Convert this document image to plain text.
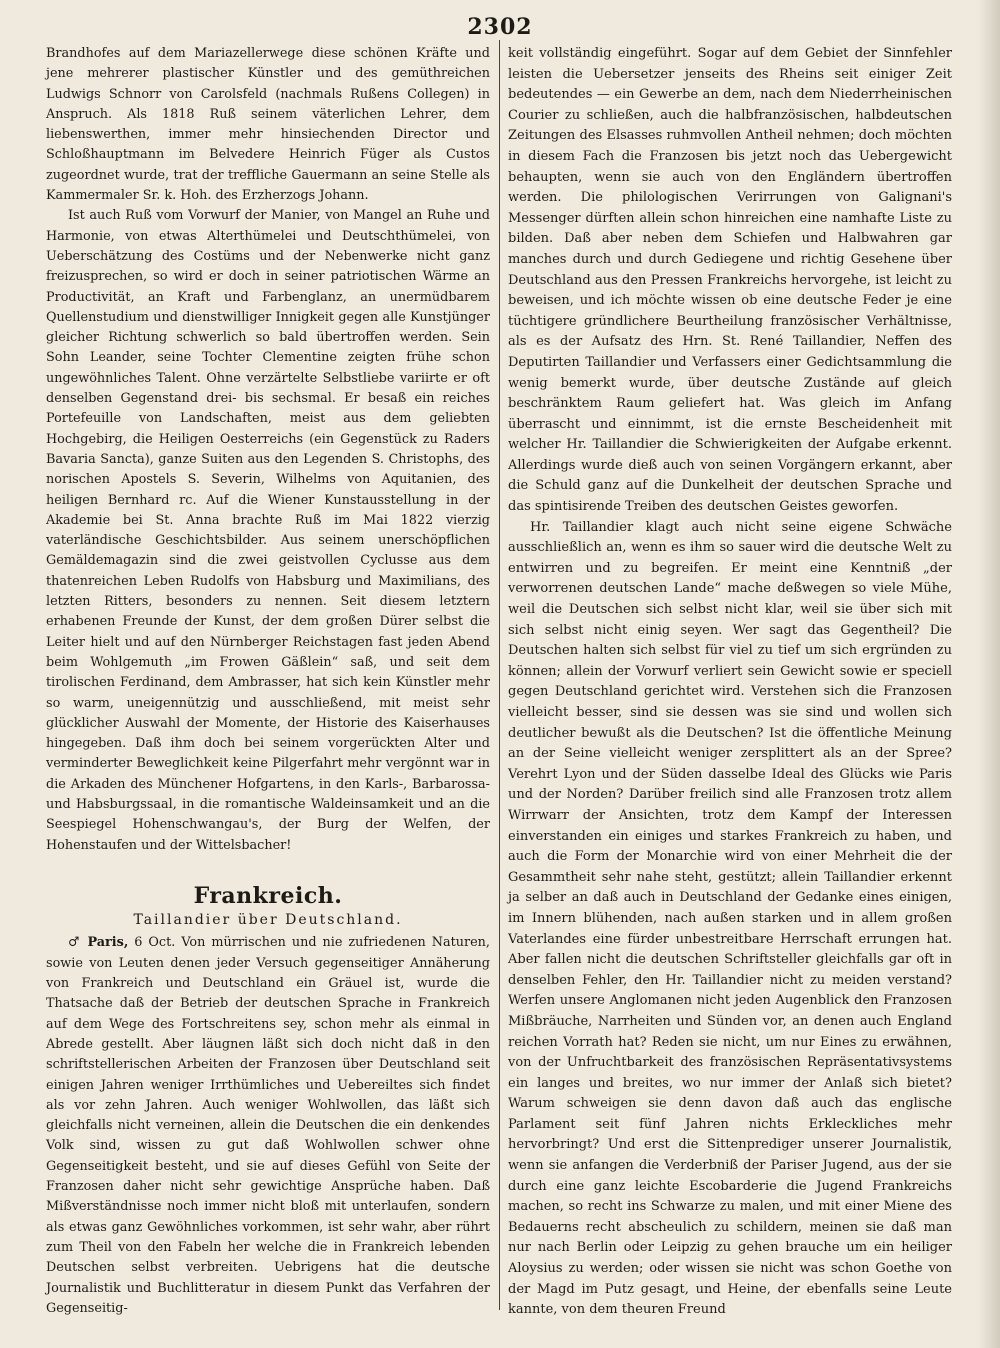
2302

Brandhofes auf dem Mariazellerwege diese schönen Kräfte und jene mehrerer plastischer Künstler und des gemüthreichen Ludwigs Schnorr von Carolsfeld (nachmals Rußens Collegen) in Anspruch. Als 1818 Ruß seinem väterlichen Lehrer, dem liebenswerthen, immer mehr hinsiechenden Director und Schloßhauptmann im Belvedere Heinrich Füger als Custos zugeordnet wurde, trat der treffliche Gauermann an seine Stelle als Kammermaler Sr. k. Hoh. des Erzherzogs Johann.

Ist auch Ruß vom Vorwurf der Manier, von Mangel an Ruhe und Harmonie, von etwas Alterthümelei und Deutschthümelei, von Ueberschätzung des Costüms und der Nebenwerke nicht ganz freizusprechen, so wird er doch in seiner patriotischen Wärme an Productivität, an Kraft und Farbenglanz, an unermüdbarem Quellenstudium und dienstwilliger Innigkeit gegen alle Kunstjünger gleicher Richtung schwerlich so bald übertroffen werden. Sein Sohn Leander, seine Tochter Clementine zeigten frühe schon ungewöhnliches Talent. Ohne verzärtelte Selbstliebe variirte er oft denselben Gegenstand drei- bis sechsmal. Er besaß ein reiches Portefeuille von Landschaften, meist aus dem geliebten Hochgebirg, die Heiligen Oesterreichs (ein Gegenstück zu Raders Bavaria Sancta), ganze Suiten aus den Legenden S. Christophs, des norischen Apostels S. Severin, Wilhelms von Aquitanien, des heiligen Bernhard rc. Auf die Wiener Kunstausstellung in der Akademie bei St. Anna brachte Ruß im Mai 1822 vierzig vaterländische Geschichtsbilder. Aus seinem unerschöpflichen Gemäldemagazin sind die zwei geistvollen Cyclusse aus dem thatenreichen Leben Rudolfs von Habsburg und Maximilians, des letzten Ritters, besonders zu nennen. Seit diesem letztern erhabenen Freunde der Kunst, der dem großen Dürer selbst die Leiter hielt und auf den Nürnberger Reichstagen fast jeden Abend beim Wohlgemuth „im Frowen Gäßlein“ saß, und seit dem tirolischen Ferdinand, dem Ambrasser, hat sich kein Künstler mehr so warm, uneigennützig und ausschließend, mit meist sehr glücklicher Auswahl der Momente, der Historie des Kaiserhauses hingegeben. Daß ihm doch bei seinem vorgerückten Alter und verminderter Beweglichkeit keine Pilgerfahrt mehr vergönnt war in die Arkaden des Münchener Hofgartens, in den Karls-, Barbarossa- und Habsburgssaal, in die romantische Waldeinsamkeit und an die Seespiegel Hohenschwangau's, der Burg der Welfen, der Hohenstaufen und der Wittelsbacher!

Frankreich.
Taillandier über Deutschland.

♂ Paris, 6 Oct. Von mürrischen und nie zufriedenen Naturen, sowie von Leuten denen jeder Versuch gegenseitiger Annäherung von Frankreich und Deutschland ein Gräuel ist, wurde die Thatsache daß der Betrieb der deutschen Sprache in Frankreich auf dem Wege des Fortschreitens sey, schon mehr als einmal in Abrede gestellt. Aber läugnen läßt sich doch nicht daß in den schriftstellerischen Arbeiten der Franzosen über Deutschland seit einigen Jahren weniger Irrthümliches und Uebereiltes sich findet als vor zehn Jahren. Auch weniger Wohlwollen, das läßt sich gleichfalls nicht verneinen, allein die Deutschen die ein denkendes Volk sind, wissen zu gut daß Wohlwollen schwer ohne Gegenseitigkeit besteht, und sie auf dieses Gefühl von Seite der Franzosen daher nicht sehr gewichtige Ansprüche haben. Daß Mißverständnisse noch immer nicht bloß mit unterlaufen, sondern als etwas ganz Gewöhnliches vorkommen, ist sehr wahr, aber rührt zum Theil von den Fabeln her welche die in Frankreich lebenden Deutschen selbst verbreiten. Uebrigens hat die deutsche Journalistik und Buchlitteratur in diesem Punkt das Verfahren der Gegenseitig-

keit vollständig eingeführt. Sogar auf dem Gebiet der Sinnfehler leisten die Uebersetzer jenseits des Rheins seit einiger Zeit bedeutendes — ein Gewerbe an dem, nach dem Niederrheinischen Courier zu schließen, auch die halbfranzösischen, halbdeutschen Zeitungen des Elsasses ruhmvollen Antheil nehmen; doch möchten in diesem Fach die Franzosen bis jetzt noch das Uebergewicht behaupten, wenn sie auch von den Engländern übertroffen werden. Die philologischen Verirrungen von Galignani's Messenger dürften allein schon hinreichen eine namhafte Liste zu bilden. Daß aber neben dem Schiefen und Halbwahren gar manches durch und durch Gediegene und richtig Gesehene über Deutschland aus den Pressen Frankreichs hervorgehe, ist leicht zu beweisen, und ich möchte wissen ob eine deutsche Feder je eine tüchtigere gründlichere Beurtheilung französischer Verhältnisse, als es der Aufsatz des Hrn. St. René Taillandier, Neffen des Deputirten Taillandier und Verfassers einer Gedichtsammlung die wenig bemerkt wurde, über deutsche Zustände auf gleich beschränktem Raum geliefert hat. Was gleich im Anfang überrascht und einnimmt, ist die ernste Bescheidenheit mit welcher Hr. Taillandier die Schwierigkeiten der Aufgabe erkennt. Allerdings wurde dieß auch von seinen Vorgängern erkannt, aber die Schuld ganz auf die Dunkelheit der deutschen Sprache und das spintisirende Treiben des deutschen Geistes geworfen.

Hr. Taillandier klagt auch nicht seine eigene Schwäche ausschließlich an, wenn es ihm so sauer wird die deutsche Welt zu entwirren und zu begreifen. Er meint eine Kenntniß „der verworrenen deutschen Lande“ mache deßwegen so viele Mühe, weil die Deutschen sich selbst nicht klar, weil sie über sich mit sich selbst nicht einig seyen. Wer sagt das Gegentheil? Die Deutschen halten sich selbst für viel zu tief um sich ergründen zu können; allein der Vorwurf verliert sein Gewicht sowie er speciell gegen Deutschland gerichtet wird. Verstehen sich die Franzosen vielleicht besser, sind sie dessen was sie sind und wollen sich deutlicher bewußt als die Deutschen? Ist die öffentliche Meinung an der Seine vielleicht weniger zersplittert als an der Spree? Verehrt Lyon und der Süden dasselbe Ideal des Glücks wie Paris und der Norden? Darüber freilich sind alle Franzosen trotz allem Wirrwarr der Ansichten, trotz dem Kampf der Interessen einverstanden ein einiges und starkes Frankreich zu haben, und auch die Form der Monarchie wird von einer Mehrheit die der Gesammtheit sehr nahe steht, gestützt; allein Taillandier erkennt ja selber an daß auch in Deutschland der Gedanke eines einigen, im Innern blühenden, nach außen starken und in allem großen Vaterlandes eine fürder unbestreitbare Herrschaft errungen hat. Aber fallen nicht die deutschen Schriftsteller gleichfalls gar oft in denselben Fehler, den Hr. Taillandier nicht zu meiden verstand? Werfen unsere Anglomanen nicht jeden Augenblick den Franzosen Mißbräuche, Narrheiten und Sünden vor, an denen auch England reichen Vorrath hat? Reden sie nicht, um nur Eines zu erwähnen, von der Unfruchtbarkeit des französischen Repräsentativsystems ein langes und breites, wo nur immer der Anlaß sich bietet? Warum schweigen sie denn davon daß auch das englische Parlament seit fünf Jahren nichts Erkleckliches mehr hervorbringt? Und erst die Sittenprediger unserer Journalistik, wenn sie anfangen die Verderbniß der Pariser Jugend, aus der sie durch eine ganz leichte Escobarderie die Jugend Frankreichs machen, so recht ins Schwarze zu malen, und mit einer Miene des Bedauerns recht abscheulich zu schildern, meinen sie daß man nur nach Berlin oder Leipzig zu gehen brauche um ein heiliger Aloysius zu werden; oder wissen sie nicht was schon Goethe von der Magd im Putz gesagt, und Heine, der ebenfalls seine Leute kannte, von dem theuren Freund
